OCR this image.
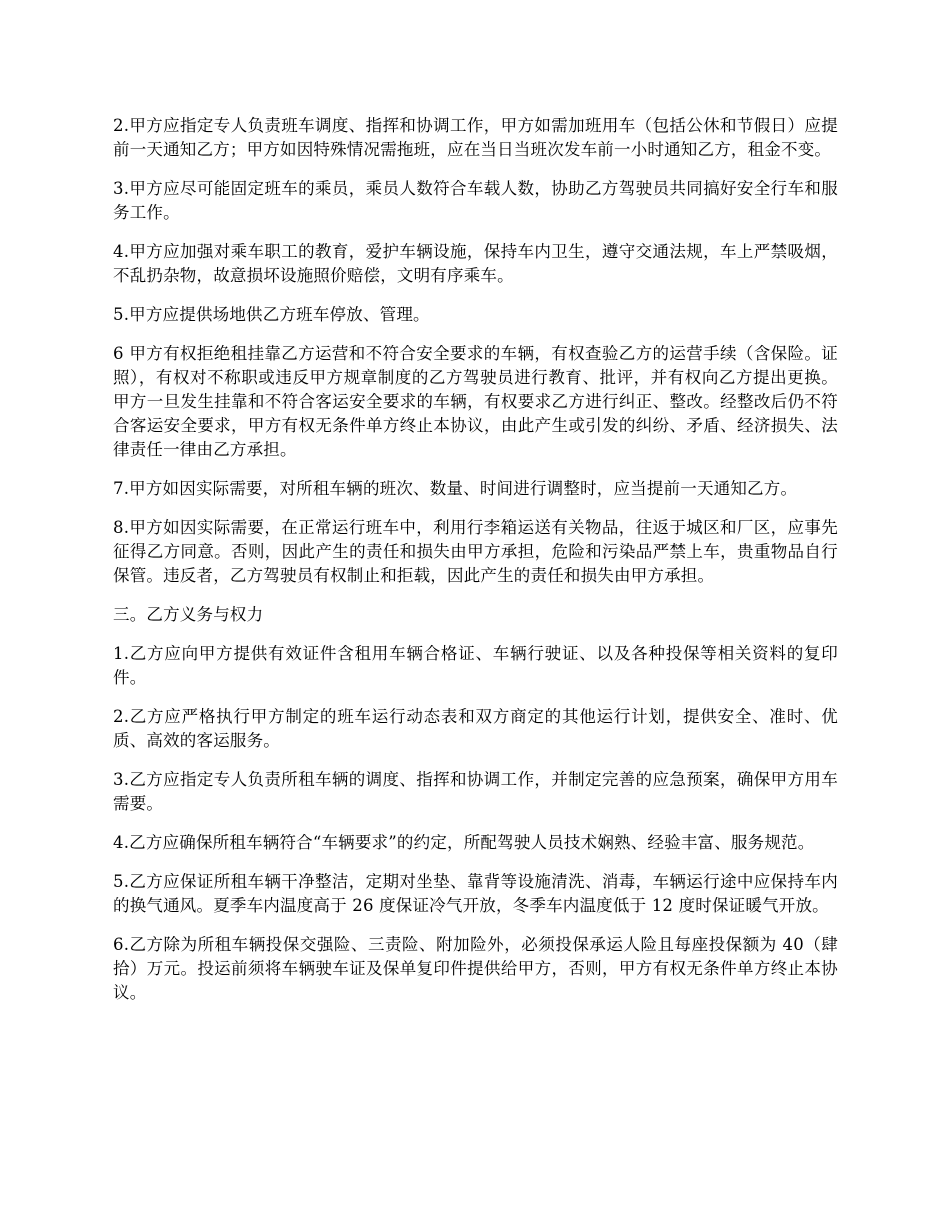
2.甲方应指定专人负责班车调度、指挥和协调工作，甲方如需加班用车（包括公休和节假日）应提前一天通知乙方；甲方如因特殊情况需拖班，应在当日当班次发车前一小时通知乙方，租金不变。

3.甲方应尽可能固定班车的乘员，乘员人数符合车载人数，协助乙方驾驶员共同搞好安全行车和服务工作。

4.甲方应加强对乘车职工的教育，爱护车辆设施，保持车内卫生，遵守交通法规，车上严禁吸烟，不乱扔杂物，故意损坏设施照价赔偿，文明有序乘车。

5.甲方应提供场地供乙方班车停放、管理。

6 甲方有权拒绝租挂靠乙方运营和不符合安全要求的车辆，有权查验乙方的运营手续（含保险。证照），有权对不称职或违反甲方规章制度的乙方驾驶员进行教育、批评，并有权向乙方提出更换。甲方一旦发生挂靠和不符合客运安全要求的车辆，有权要求乙方进行纠正、整改。经整改后仍不符合客运安全要求，甲方有权无条件单方终止本协议，由此产生或引发的纠纷、矛盾、经济损失、法律责任一律由乙方承担。

7.甲方如因实际需要，对所租车辆的班次、数量、时间进行调整时，应当提前一天通知乙方。

8.甲方如因实际需要，在正常运行班车中，利用行李箱运送有关物品，往返于城区和厂区，应事先征得乙方同意。否则，因此产生的责任和损失由甲方承担，危险和污染品严禁上车，贵重物品自行保管。违反者，乙方驾驶员有权制止和拒载，因此产生的责任和损失由甲方承担。

三。乙方义务与权力

1.乙方应向甲方提供有效证件含租用车辆合格证、车辆行驶证、以及各种投保等相关资料的复印件。

2.乙方应严格执行甲方制定的班车运行动态表和双方商定的其他运行计划，提供安全、准时、优质、高效的客运服务。

3.乙方应指定专人负责所租车辆的调度、指挥和协调工作，并制定完善的应急预案，确保甲方用车需要。

4.乙方应确保所租车辆符合“车辆要求”的约定，所配驾驶人员技术娴熟、经验丰富、服务规范。

5.乙方应保证所租车辆干净整洁，定期对坐垫、靠背等设施清洗、消毒，车辆运行途中应保持车内的换气通风。夏季车内温度高于 26 度保证冷气开放，冬季车内温度低于 12 度时保证暖气开放。

6.乙方除为所租车辆投保交强险、三责险、附加险外，必须投保承运人险且每座投保额为 40（肆拾）万元。投运前须将车辆驶车证及保单复印件提供给甲方，否则，甲方有权无条件单方终止本协议。
